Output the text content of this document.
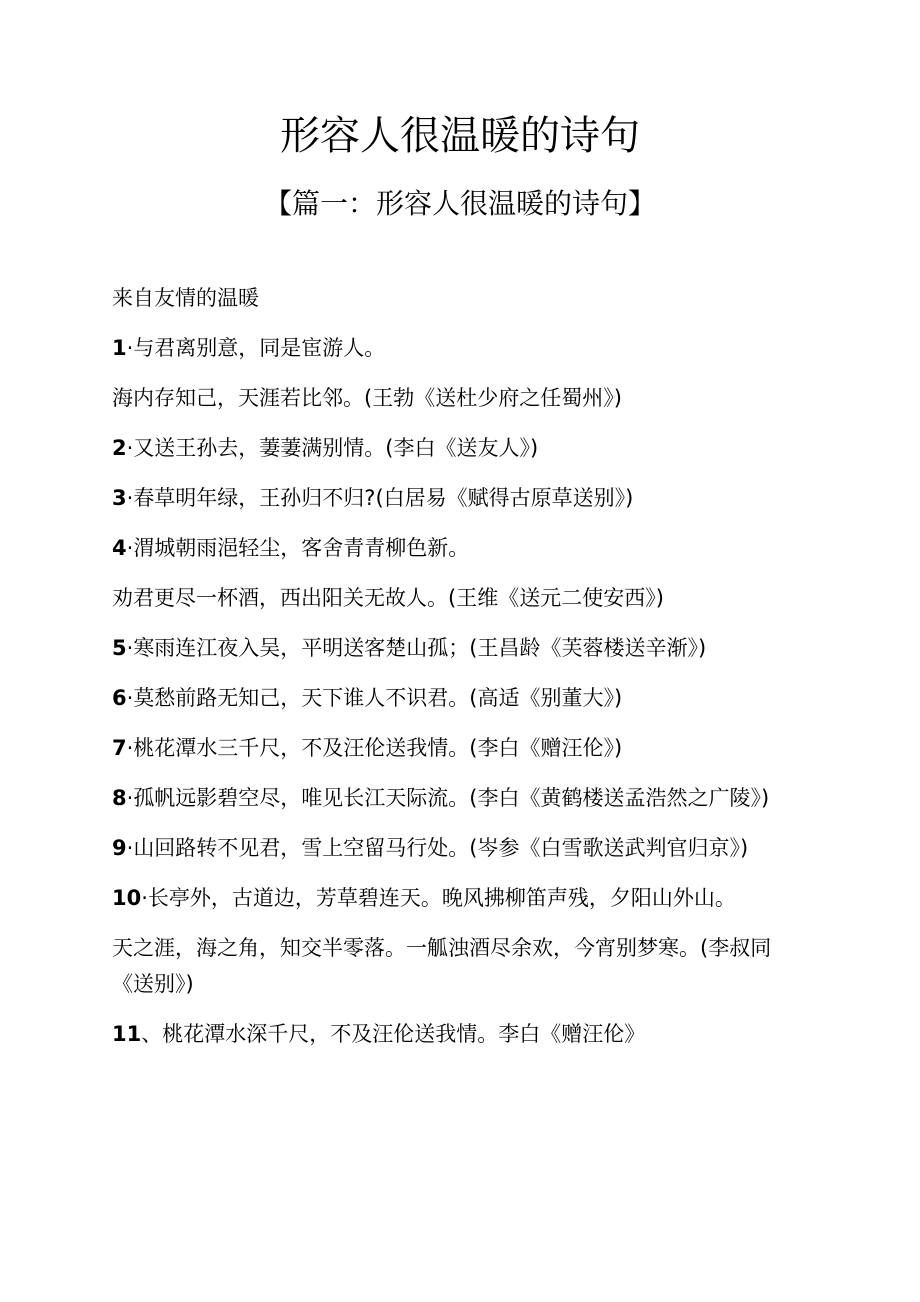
形容人很温暖的诗句
【篇一：形容人很温暖的诗句】

来自友情的温暖

1·与君离别意，同是宦游人。

海内存知己，天涯若比邻。(王勃《送杜少府之任蜀州》)

2·又送王孙去，萋萋满别情。(李白《送友人》)

3·春草明年绿，王孙归不归?(白居易《赋得古原草送别》)

4·渭城朝雨浥轻尘，客舍青青柳色新。

劝君更尽一杯酒，西出阳关无故人。(王维《送元二使安西》)

5·寒雨连江夜入吴，平明送客楚山孤；(王昌龄《芙蓉楼送辛渐》)

6·莫愁前路无知己，天下谁人不识君。(高适《别董大》)

7·桃花潭水三千尺，不及汪伦送我情。(李白《赠汪伦》)

8·孤帆远影碧空尽，唯见长江天际流。(李白《黄鹤楼送孟浩然之广陵》)

9·山回路转不见君，雪上空留马行处。(岑参《白雪歌送武判官归京》)

10·长亭外，古道边，芳草碧连天。晚风拂柳笛声残，夕阳山外山。

天之涯，海之角，知交半零落。一觚浊酒尽余欢，今宵别梦寒。(李叔同《送别》)

11、桃花潭水深千尺，不及汪伦送我情。李白《赠汪伦》
